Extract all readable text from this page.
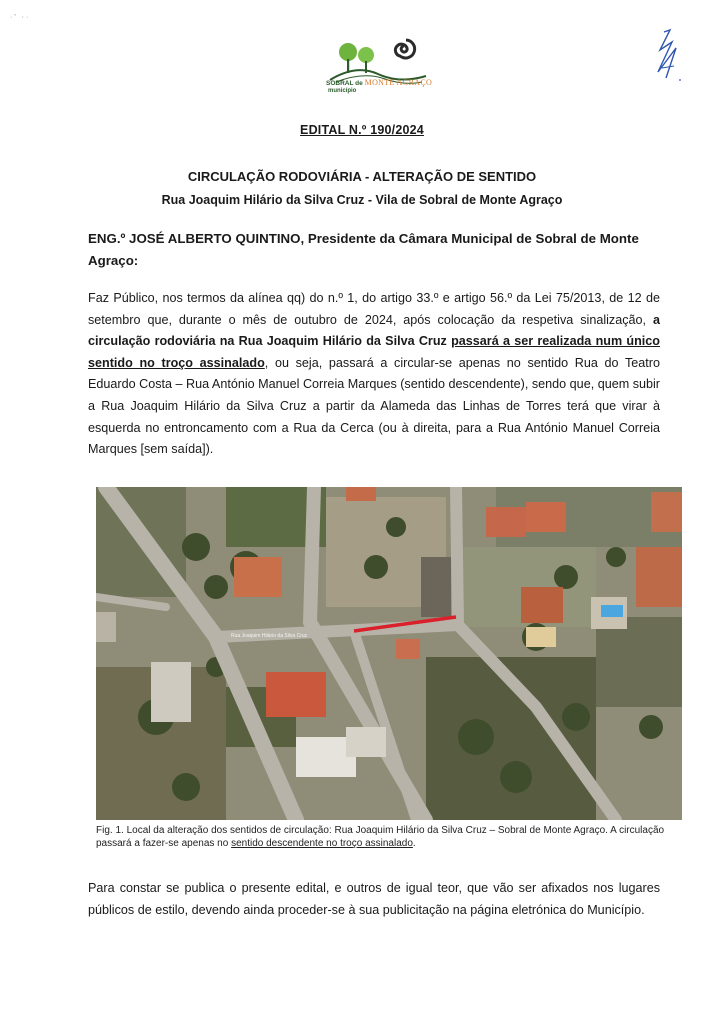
·' ··
SOBRAL de MONTE AGRAÇO
município
EDITAL N.º 190/2024
CIRCULAÇÃO RODOVIÁRIA - ALTERAÇÃO DE SENTIDO
Rua Joaquim Hilário da Silva Cruz - Vila de Sobral de Monte Agraço
ENG.º JOSÉ ALBERTO QUINTINO, Presidente da Câmara Municipal de Sobral de Monte Agraço:
Faz Público, nos termos da alínea qq) do n.º 1, do artigo 33.º e artigo 56.º da Lei 75/2013, de 12 de setembro que, durante o mês de outubro de 2024, após colocação da respetiva sinalização, a circulação rodoviária na Rua Joaquim Hilário da Silva Cruz passará a ser realizada num único sentido no troço assinalado, ou seja, passará a circular-se apenas no sentido Rua do Teatro Eduardo Costa – Rua António Manuel Correia Marques (sentido descendente), sendo que, quem subir a Rua Joaquim Hilário da Silva Cruz a partir da Alameda das Linhas de Torres terá que virar à esquerda no entroncamento com a Rua da Cerca (ou à direita, para a Rua António Manuel Correia Marques [sem saída]).
Rua Joaquim Hilário da Silva Cruz
Fig. 1. Local da alteração dos sentidos de circulação: Rua Joaquim Hilário da Silva Cruz – Sobral de Monte Agraço. A circulação passará a fazer-se apenas no sentido descendente no troço assinalado.
Para constar se publica o presente edital, e outros de igual teor, que vão ser afixados nos lugares públicos de estilo, devendo ainda proceder-se à sua publicitação na página eletrónica do Município.
